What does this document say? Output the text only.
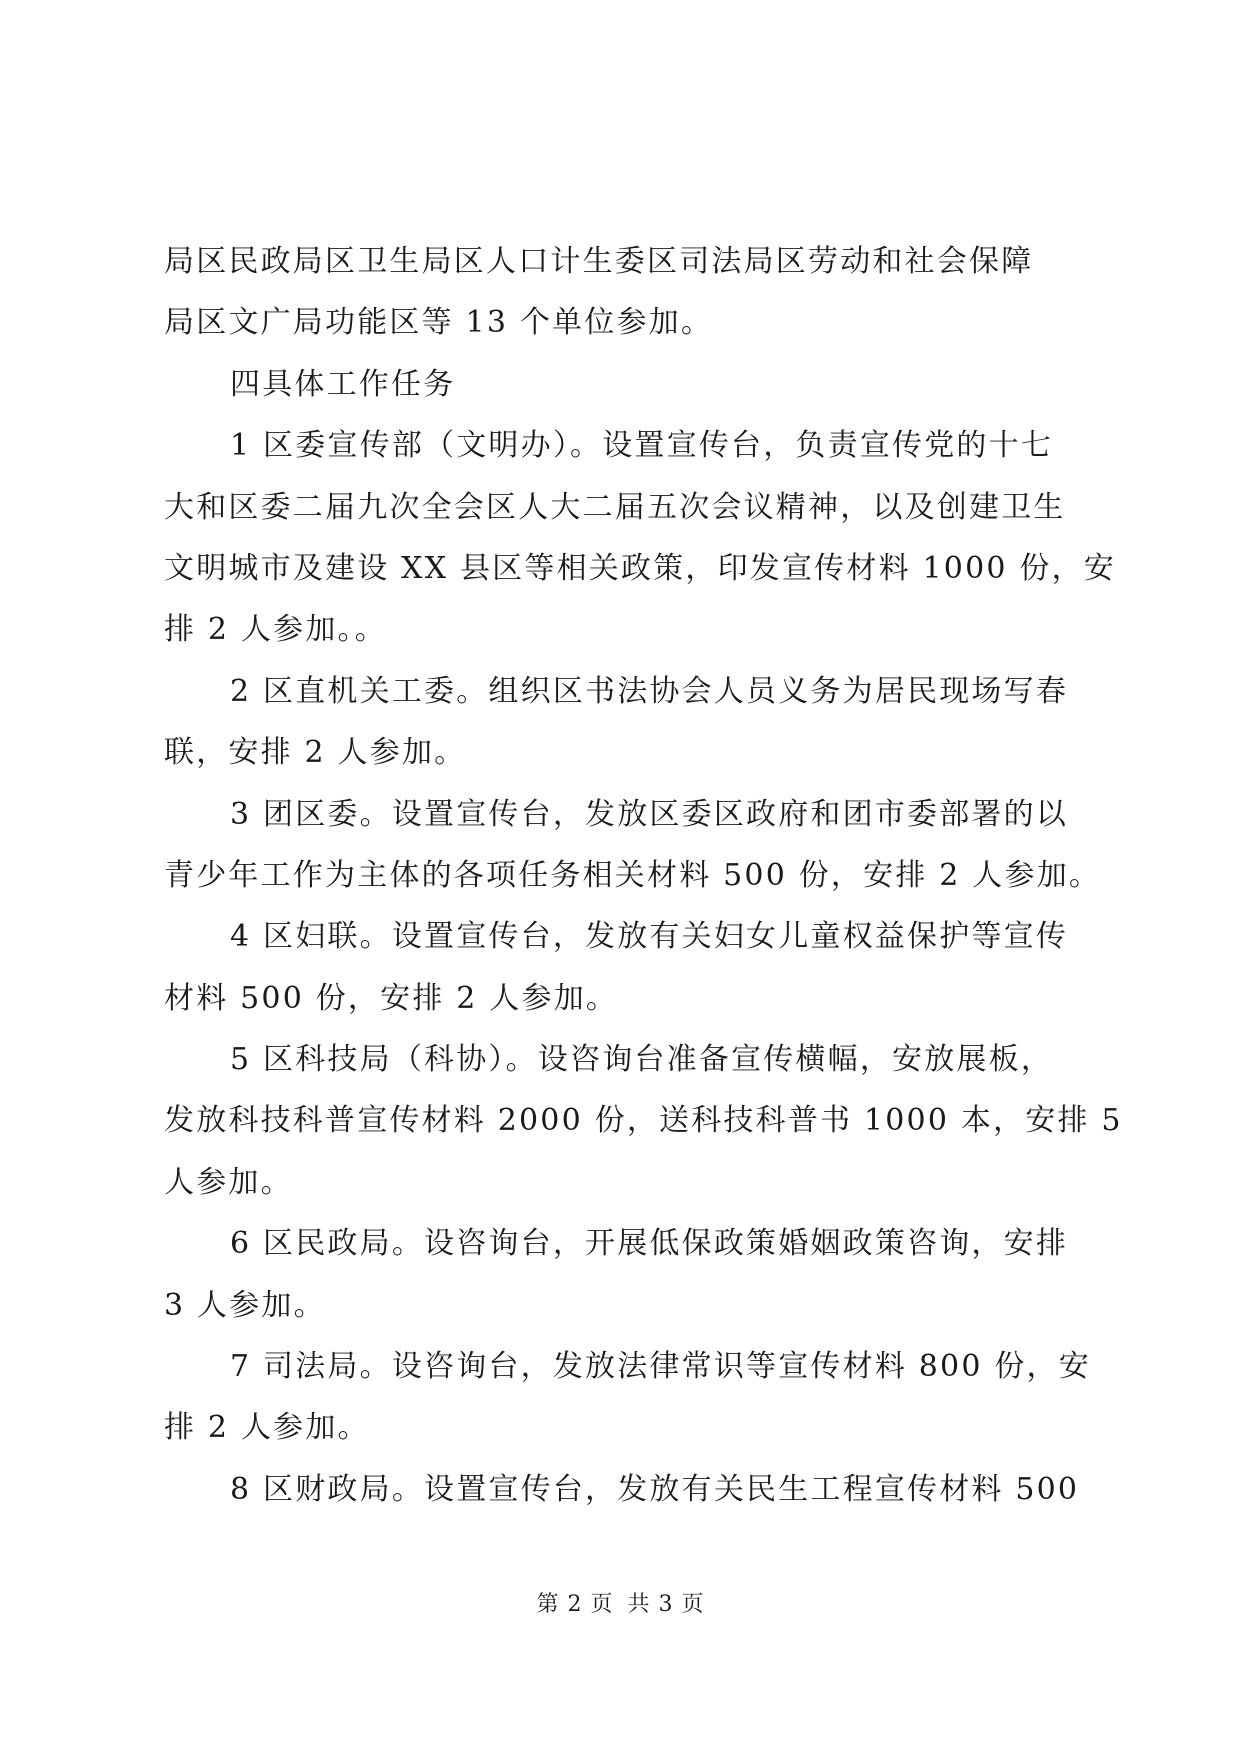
局区民政局区卫生局区人口计生委区司法局区劳动和社会保障
局区文广局功能区等 13 个单位参加。
四具体工作任务
1 区委宣传部（文明办）。设置宣传台，负责宣传党的十七
大和区委二届九次全会区人大二届五次会议精神，以及创建卫生
文明城市及建设 XX 县区等相关政策，印发宣传材料 1000 份，安
排 2 人参加。。
2 区直机关工委。组织区书法协会人员义务为居民现场写春
联，安排 2 人参加。
3 团区委。设置宣传台，发放区委区政府和团市委部署的以
青少年工作为主体的各项任务相关材料 500 份，安排 2 人参加。
4 区妇联。设置宣传台，发放有关妇女儿童权益保护等宣传
材料 500 份，安排 2 人参加。
5 区科技局（科协）。设咨询台准备宣传横幅，安放展板，
发放科技科普宣传材料 2000 份，送科技科普书 1000 本，安排 5
人参加。
6 区民政局。设咨询台，开展低保政策婚姻政策咨询，安排
3 人参加。
7 司法局。设咨询台，发放法律常识等宣传材料 800 份，安
排 2 人参加。
8 区财政局。设置宣传台，发放有关民生工程宣传材料 500
第 2 页 共 3 页
